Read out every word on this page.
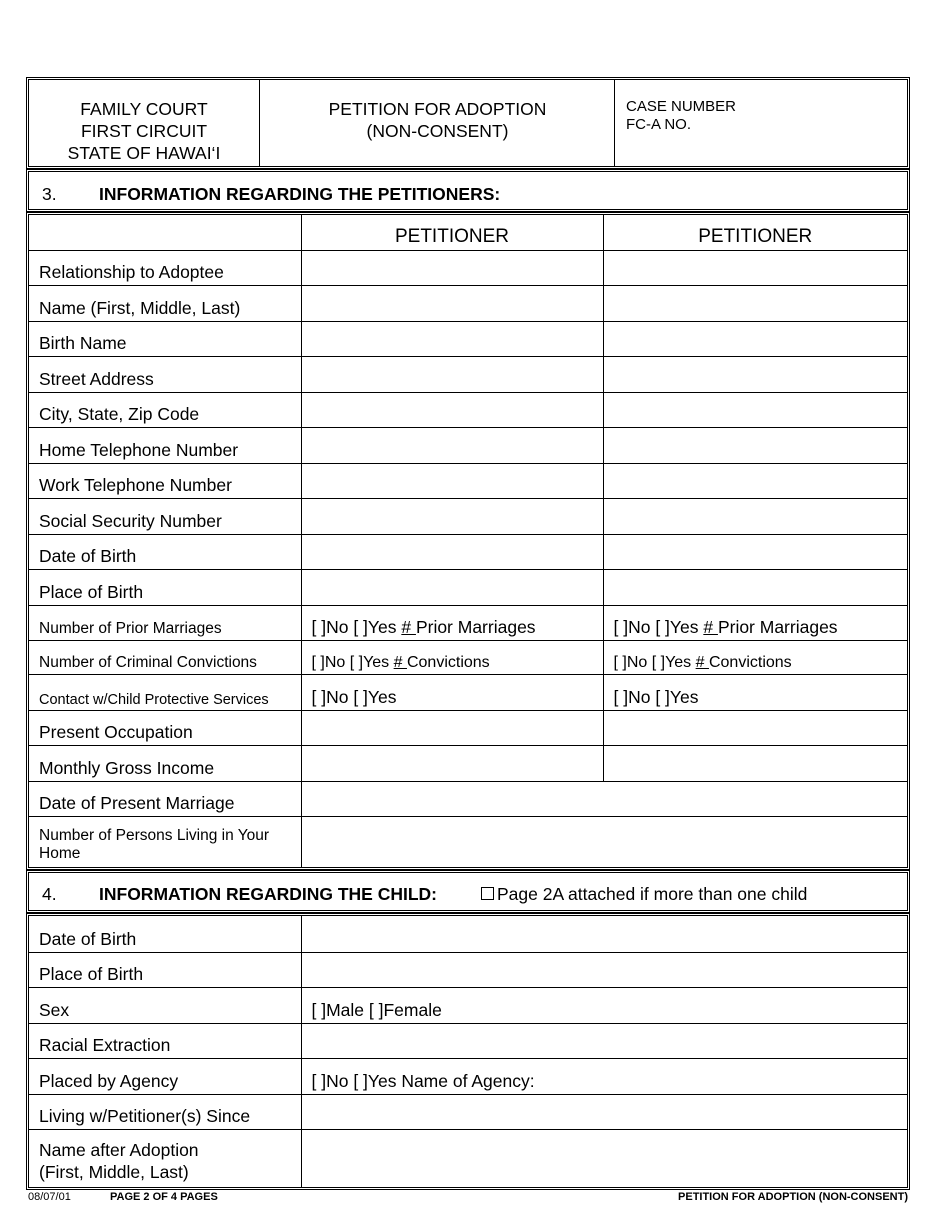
FAMILY COURT
FIRST CIRCUIT
STATE OF HAWAI‘I
PETITION FOR ADOPTION
(NON-CONSENT)
CASE NUMBER
FC-A NO.
3. INFORMATION REGARDING THE PETITIONERS:
	PETITIONER	PETITIONER
Relationship to Adoptee		
Name (First, Middle, Last)		
Birth Name		
Street Address		
City, State, Zip Code		
Home Telephone Number		
Work Telephone Number		
Social Security Number		
Date of Birth		
Place of Birth		
Number of Prior Marriages	[ ]No [ ]Yes # Prior Marriages	[ ]No [ ]Yes # Prior Marriages
Number of Criminal Convictions	[ ]No [ ]Yes # Convictions	[ ]No [ ]Yes # Convictions
Contact w/Child Protective Services	[ ]No [ ]Yes	[ ]No [ ]Yes
Present Occupation		
Monthly Gross Income		
Date of Present Marriage		
Number of Persons Living in Your Home		
4. INFORMATION REGARDING THE CHILD:	Page 2A attached if more than one child
Date of Birth	
Place of Birth	
Sex	[ ]Male [ ]Female
Racial Extraction	
Placed by Agency	[ ]No [ ]Yes Name of Agency:
Living w/Petitioner(s) Since	

Name after Adoption
(First, Middle, Last)	

08/07/01	PAGE 2 OF 4 PAGES	PETITION FOR ADOPTION (NON-CONSENT)
